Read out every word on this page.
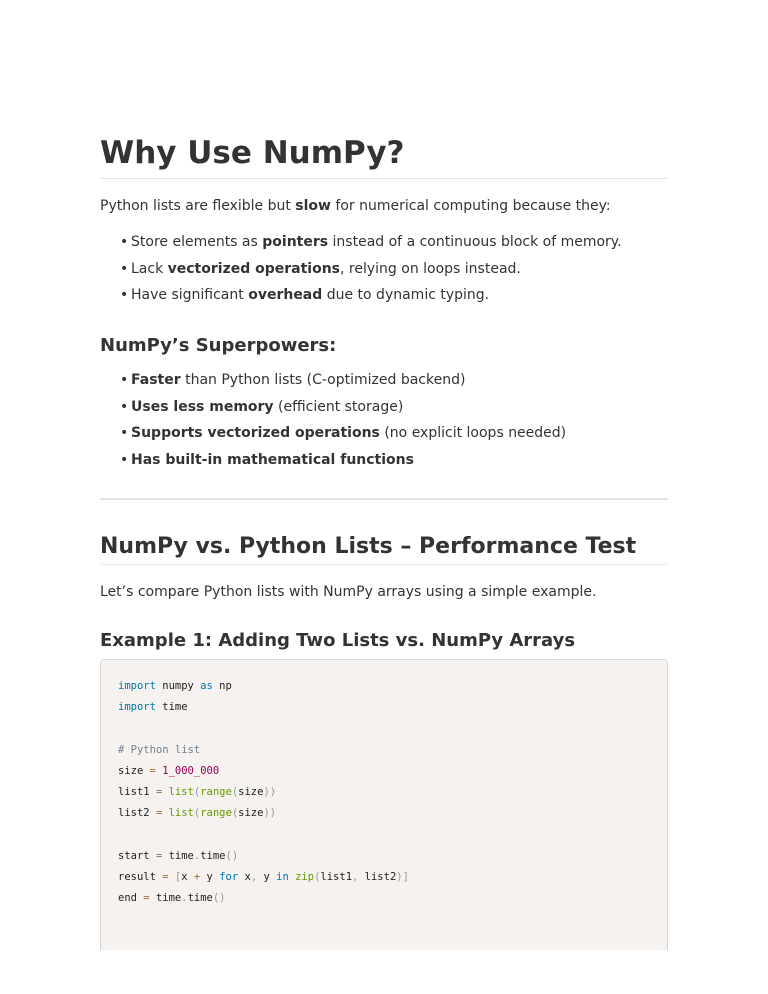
Why Use NumPy?

Python lists are flexible but slow for numerical computing because they:

• Store elements as pointers instead of a continuous block of memory.
• Lack vectorized operations, relying on loops instead.
• Have significant overhead due to dynamic typing.
NumPy’s Superpowers:
• Faster than Python lists (C-optimized backend)
• Uses less memory (efficient storage)
• Supports vectorized operations (no explicit loops needed)
• Has built-in mathematical functions
NumPy vs. Python Lists – Performance Test

Let’s compare Python lists with NumPy arrays using a simple example.

Example 1: Adding Two Lists vs. NumPy Arrays
import numpy as np
import time

# Python list
size = 1_000_000
list1 = list(range(size))
list2 = list(range(size))

start = time.time()
result = [x + y for x, y in zip(list1, list2)]
end = time.time()
